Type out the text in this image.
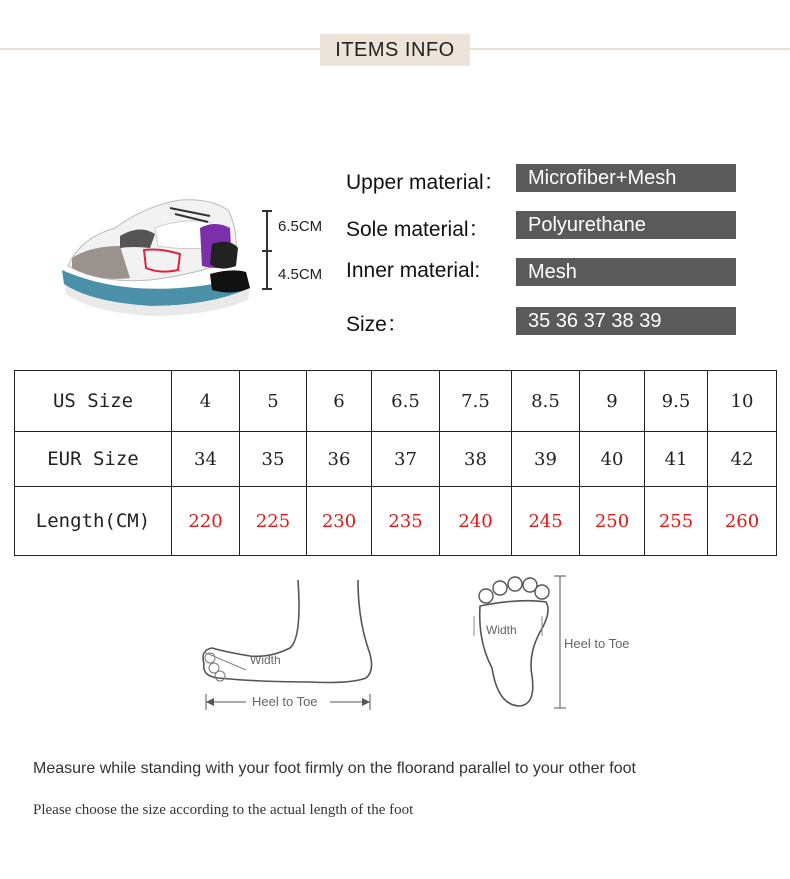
ITEMS INFO
6.5CM
4.5CM
Upper material：	Microfiber+Mesh
Sole material：	Polyurethane
Inner material:	Mesh
Size：	35 36 37 38 39
US Size	4	5	6	6.5	7.5	8.5	9	9.5	10
EUR Size	34	35	36	37	38	39	40	41	42
Length(CM)	220	225	230	235	240	245	250	255	260
Width
Heel to Toe
Width
Heel to Toe
Measure while standing with your foot firmly on the floorand parallel to your other foot
Please choose the size according to the actual length of the foot
